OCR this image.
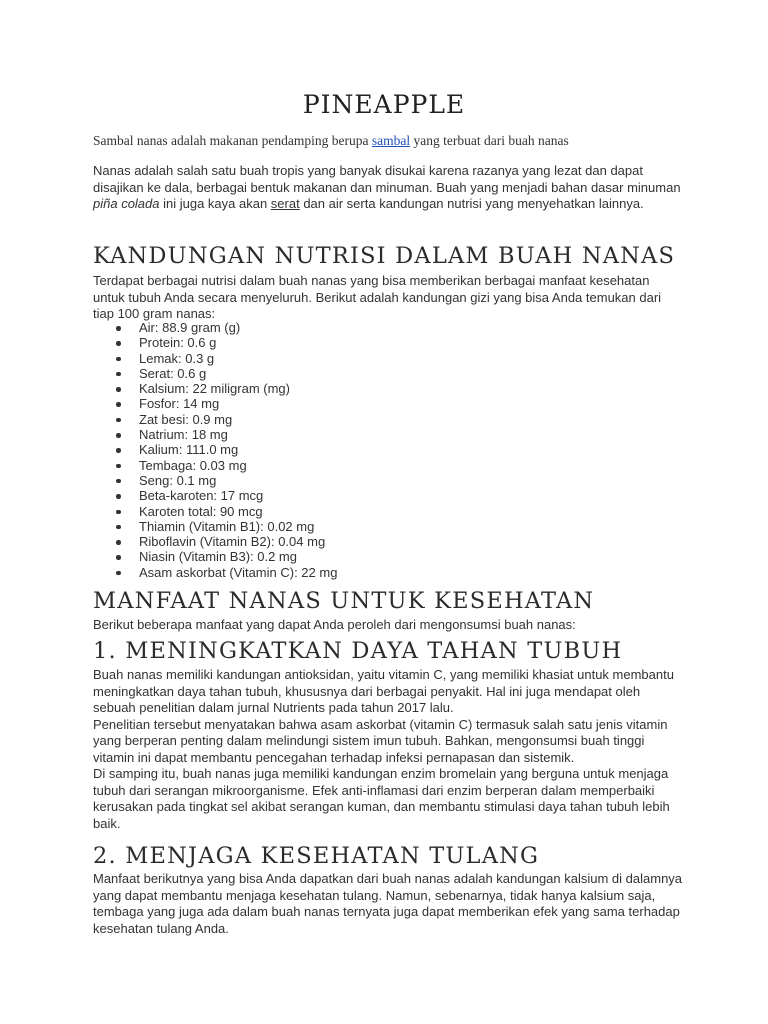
PINEAPPLE
Sambal nanas adalah makanan pendamping berupa sambal yang terbuat dari buah nanas
Nanas adalah salah satu buah tropis yang banyak disukai karena razanya yang lezat dan dapat disajikan ke dala, berbagai bentuk makanan dan minuman. Buah yang menjadi bahan dasar minuman piña colada ini juga kaya akan serat dan air serta kandungan nutrisi yang menyehatkan lainnya.
KANDUNGAN NUTRISI DALAM BUAH NANAS
Terdapat berbagai nutrisi dalam buah nanas yang bisa memberikan berbagai manfaat kesehatan untuk tubuh Anda secara menyeluruh. Berikut adalah kandungan gizi yang bisa Anda temukan dari tiap 100 gram nanas:
Air: 88.9 gram (g)
Protein: 0.6 g
Lemak: 0.3 g
Serat: 0.6 g
Kalsium: 22 miligram (mg)
Fosfor: 14 mg
Zat besi: 0.9 mg
Natrium: 18 mg
Kalium: 111.0 mg
Tembaga: 0.03 mg
Seng: 0.1 mg
Beta-karoten: 17 mcg
Karoten total: 90 mcg
Thiamin (Vitamin B1): 0.02 mg
Riboflavin (Vitamin B2): 0.04 mg
Niasin (Vitamin B3): 0.2 mg
Asam askorbat (Vitamin C): 22 mg
MANFAAT NANAS UNTUK KESEHATAN
Berikut beberapa manfaat yang dapat Anda peroleh dari mengonsumsi buah nanas:
1. MENINGKATKAN DAYA TAHAN TUBUH

Buah nanas memiliki kandungan antioksidan, yaitu vitamin C, yang memiliki khasiat untuk membantu meningkatkan daya tahan tubuh, khususnya dari berbagai penyakit. Hal ini juga mendapat oleh sebuah penelitian dalam jurnal Nutrients pada tahun 2017 lalu.

Penelitian tersebut menyatakan bahwa asam askorbat (vitamin C) termasuk salah satu jenis vitamin yang berperan penting dalam melindungi sistem imun tubuh. Bahkan, mengonsumsi buah tinggi vitamin ini dapat membantu pencegahan terhadap infeksi pernapasan dan sistemik.

Di samping itu, buah nanas juga memiliki kandungan enzim bromelain yang berguna untuk menjaga tubuh dari serangan mikroorganisme. Efek anti-inflamasi dari enzim berperan dalam memperbaiki kerusakan pada tingkat sel akibat serangan kuman, dan membantu stimulasi daya tahan tubuh lebih baik.

2. MENJAGA KESEHATAN TULANG

Manfaat berikutnya yang bisa Anda dapatkan dari buah nanas adalah kandungan kalsium di dalamnya yang dapat membantu menjaga kesehatan tulang. Namun, sebenarnya, tidak hanya kalsium saja, tembaga yang juga ada dalam buah nanas ternyata juga dapat memberikan efek yang sama terhadap kesehatan tulang Anda.
